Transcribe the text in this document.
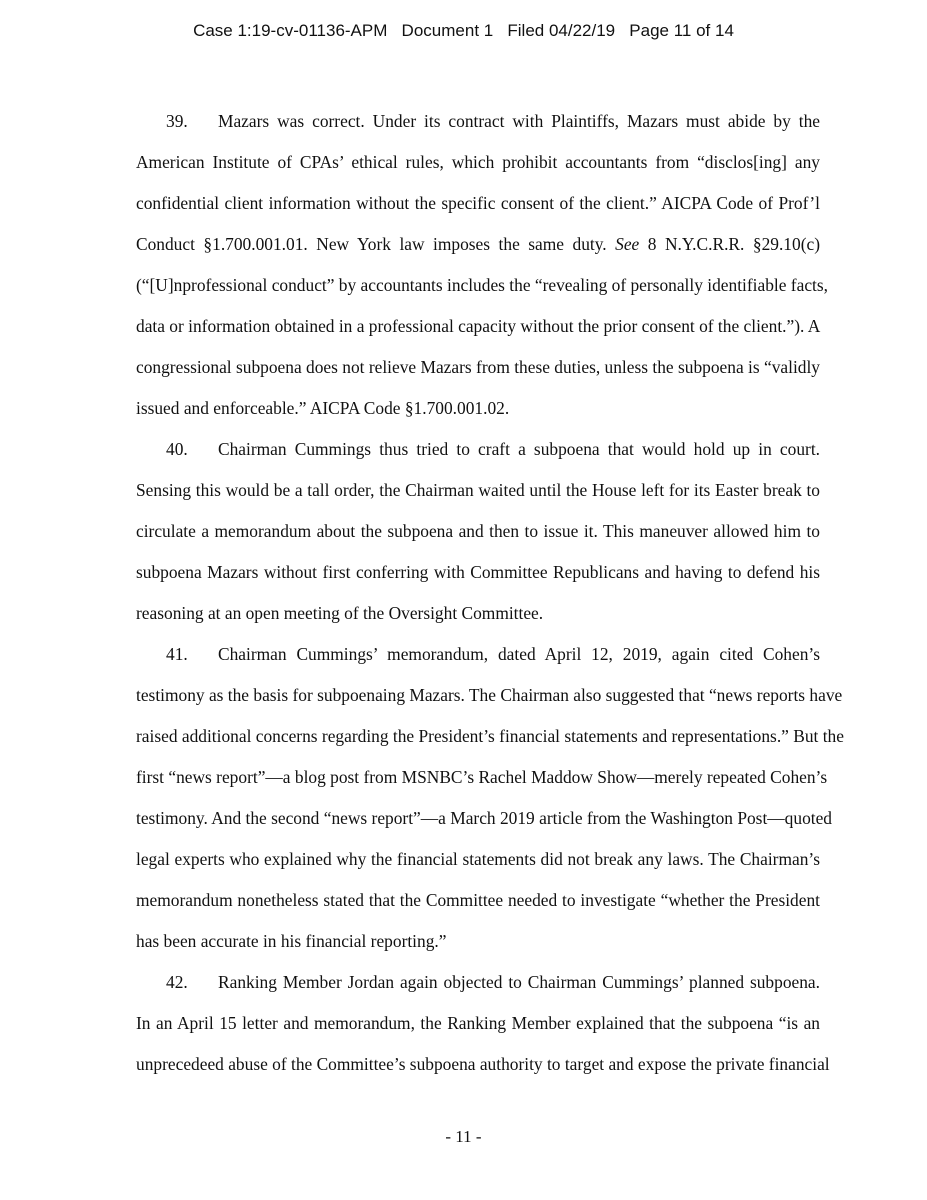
Case 1:19-cv-01136-APM   Document 1   Filed 04/22/19   Page 11 of 14
39. Mazars was correct. Under its contract with Plaintiffs, Mazars must abide by the
American Institute of CPAs’ ethical rules, which prohibit accountants from “disclos[ing] any
confidential client information without the specific consent of the client.” AICPA Code of Prof’l
Conduct §1.700.001.01. New York law imposes the same duty. See 8 N.Y.C.R.R. §29.10(c)
(“[U]nprofessional conduct” by accountants includes the “revealing of personally identifiable facts,
data or information obtained in a professional capacity without the prior consent of the client.”). A
congressional subpoena does not relieve Mazars from these duties, unless the subpoena is “validly
issued and enforceable.” AICPA Code §1.700.001.02.
40. Chairman Cummings thus tried to craft a subpoena that would hold up in court.
Sensing this would be a tall order, the Chairman waited until the House left for its Easter break to
circulate a memorandum about the subpoena and then to issue it. This maneuver allowed him to
subpoena Mazars without first conferring with Committee Republicans and having to defend his
reasoning at an open meeting of the Oversight Committee.
41. Chairman Cummings’ memorandum, dated April 12, 2019, again cited Cohen’s
testimony as the basis for subpoenaing Mazars. The Chairman also suggested that “news reports have
raised additional concerns regarding the President’s financial statements and representations.” But the
first “news report”—a blog post from MSNBC’s Rachel Maddow Show—merely repeated Cohen’s
testimony. And the second “news report”—a March 2019 article from the Washington Post—quoted
legal experts who explained why the financial statements did not break any laws. The Chairman’s
memorandum nonetheless stated that the Committee needed to investigate “whether the President
has been accurate in his financial reporting.”
42. Ranking Member Jordan again objected to Chairman Cummings’ planned subpoena.
In an April 15 letter and memorandum, the Ranking Member explained that the subpoena “is an
unprecedeed abuse of the Committee’s subpoena authority to target and expose the private financial
- 11 -
